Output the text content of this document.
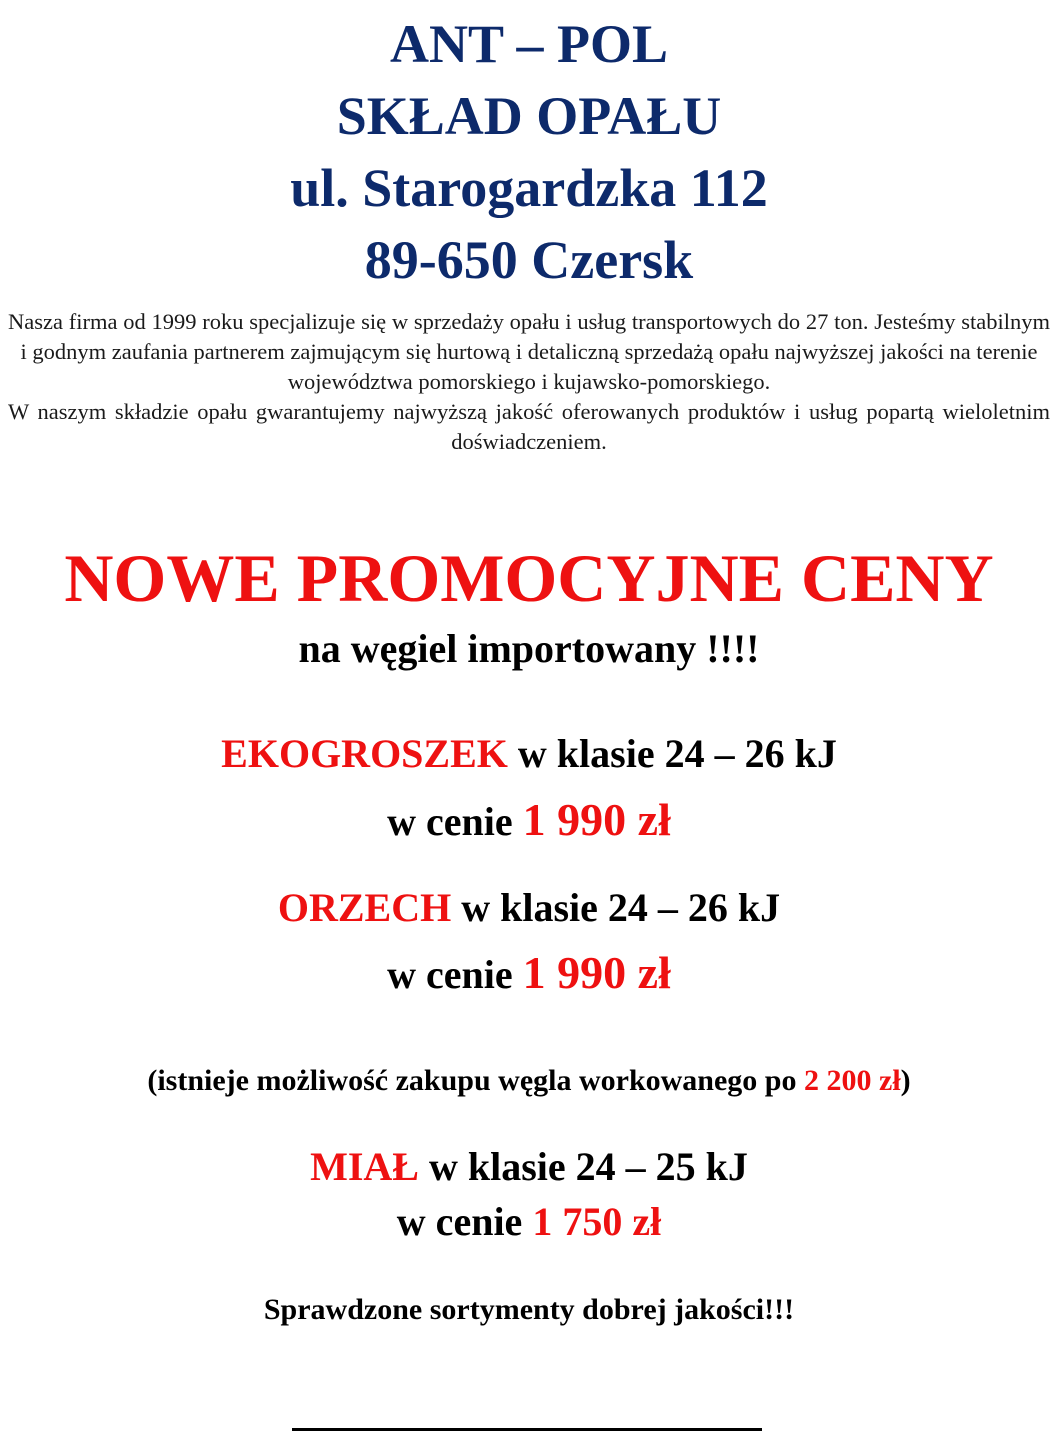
ANT – POL
SKŁAD OPAŁU
ul. Starogardzka 112
89-650 Czersk
Nasza firma od 1999 roku specjalizuje się w sprzedaży opału i usług transportowych do 27 ton. Jesteśmy stabilnym i godnym zaufania partnerem zajmującym się hurtową i detaliczną sprzedażą opału najwyższej jakości na terenie
województwa pomorskiego i kujawsko-pomorskiego.
W naszym składzie opału gwarantujemy najwyższą jakość oferowanych produktów i usług popartą wieloletnim doświadczeniem.
NOWE PROMOCYJNE CENY
na węgiel importowany !!!!
EKOGROSZEK w klasie 24 – 26 kJ
w cenie 1 990 zł
ORZECH w klasie 24 – 26 kJ
w cenie 1 990 zł
(istnieje możliwość zakupu węgla workowanego po 2 200 zł)
MIAŁ w klasie 24 – 25 kJ
w cenie 1 750 zł
Sprawdzone sortymenty dobrej jakości!!!
